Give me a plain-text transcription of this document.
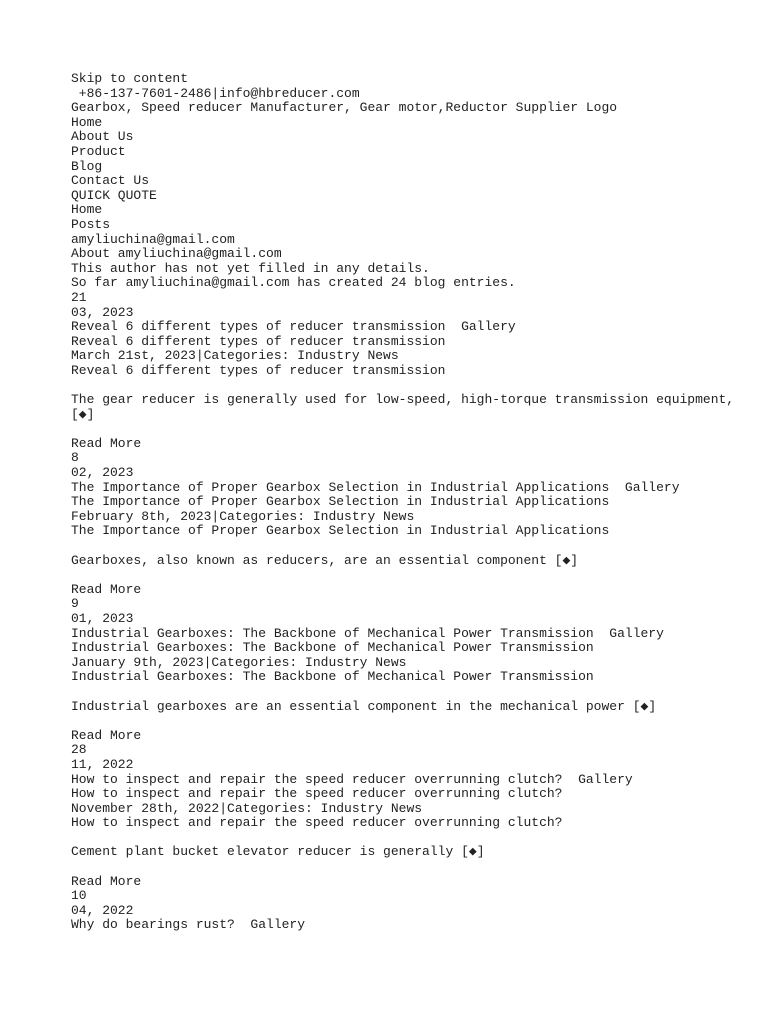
Skip to content
+86-137-7601-2486|info@hbreducer.com
Gearbox, Speed reducer Manufacturer, Gear motor,Reductor Supplier Logo
Home
About Us
Product
Blog
Contact Us
QUICK QUOTE
Home
Posts
amyliuchina@gmail.com
About amyliuchina@gmail.com
This author has not yet filled in any details.
So far amyliuchina@gmail.com has created 24 blog entries.
21
03, 2023
Reveal 6 different types of reducer transmission  Gallery
Reveal 6 different types of reducer transmission
March 21st, 2023|Categories: Industry News
Reveal 6 different types of reducer transmission
The gear reducer is generally used for low-speed, high-torque transmission equipment, [◆]
Read More
8
02, 2023
The Importance of Proper Gearbox Selection in Industrial Applications  Gallery
The Importance of Proper Gearbox Selection in Industrial Applications
February 8th, 2023|Categories: Industry News
The Importance of Proper Gearbox Selection in Industrial Applications
Gearboxes, also known as reducers, are an essential component [◆]
Read More
9
01, 2023
Industrial Gearboxes: The Backbone of Mechanical Power Transmission  Gallery
Industrial Gearboxes: The Backbone of Mechanical Power Transmission
January 9th, 2023|Categories: Industry News
Industrial Gearboxes: The Backbone of Mechanical Power Transmission
Industrial gearboxes are an essential component in the mechanical power [◆]
Read More
28
11, 2022
How to inspect and repair the speed reducer overrunning clutch?  Gallery
How to inspect and repair the speed reducer overrunning clutch?
November 28th, 2022|Categories: Industry News
How to inspect and repair the speed reducer overrunning clutch?
Cement plant bucket elevator reducer is generally [◆]
Read More
10
04, 2022
Why do bearings rust?  Gallery
